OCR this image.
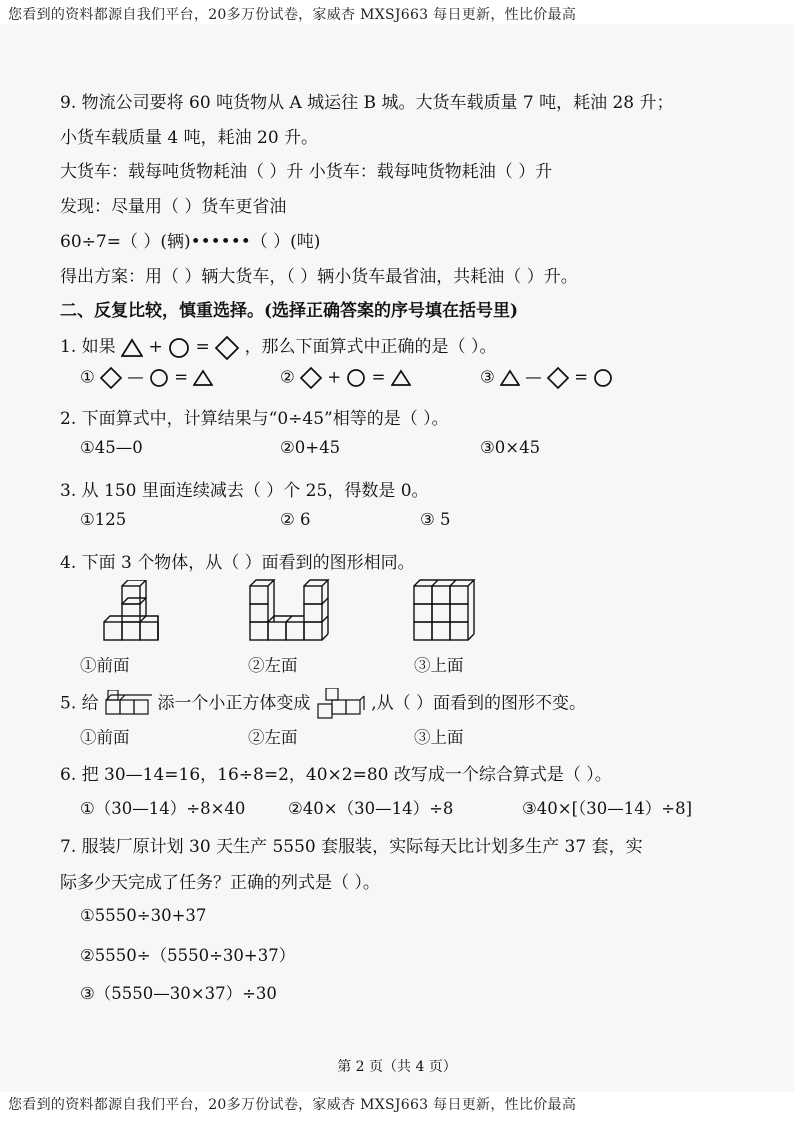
您看到的资料都源自我们平台，20多万份试卷，家威杏 MXSJ663 每日更新，性比价最高
9. 物流公司要将 60 吨货物从 A 城运往 B 城。大货车载质量 7 吨，耗油 28 升；
小货车载质量 4 吨，耗油 20 升。
大货车：载每吨货物耗油（ ）升 小货车：载每吨货物耗油（ ）升
发现：尽量用（ ）货车更省油
60÷7=（ ）(辆)••••••（ ）(吨)
得出方案：用（ ）辆大货车，（ ）辆小货车最省油，共耗油（ ）升。
二、反复比较，慎重选择。(选择正确答案的序号填在括号里)
1. 如果 + = ，那么下面算式中正确的是（ ）。
① — =	② + =	③ — =
2. 下面算式中，计算结果与“0÷45”相等的是（ ）。
①45—0	②0+45	③0×45
3. 从 150 里面连续减去（ ）个 25，得数是 0。
①125	② 6	③ 5
4. 下面 3 个物体，从（ ）面看到的图形相同。
①前面	②左面	③上面
5. 给	添一个小正方体变成	,从（ ）面看到的图形不变。
①前面	②左面	③上面
6. 把 30—14=16，16÷8=2，40×2=80 改写成一个综合算式是（ ）。
①（30—14）÷8×40	②40×（30—14）÷8	③40×[（30—14）÷8]
7. 服装厂原计划 30 天生产 5550 套服装，实际每天比计划多生产 37 套，实
际多少天完成了任务？正确的列式是（ ）。
①5550÷30+37
②5550÷（5550÷30+37）
③（5550—30×37）÷30
第 2 页（共 4 页）
您看到的资料都源自我们平台，20多万份试卷，家威杏 MXSJ663 每日更新，性比价最高
